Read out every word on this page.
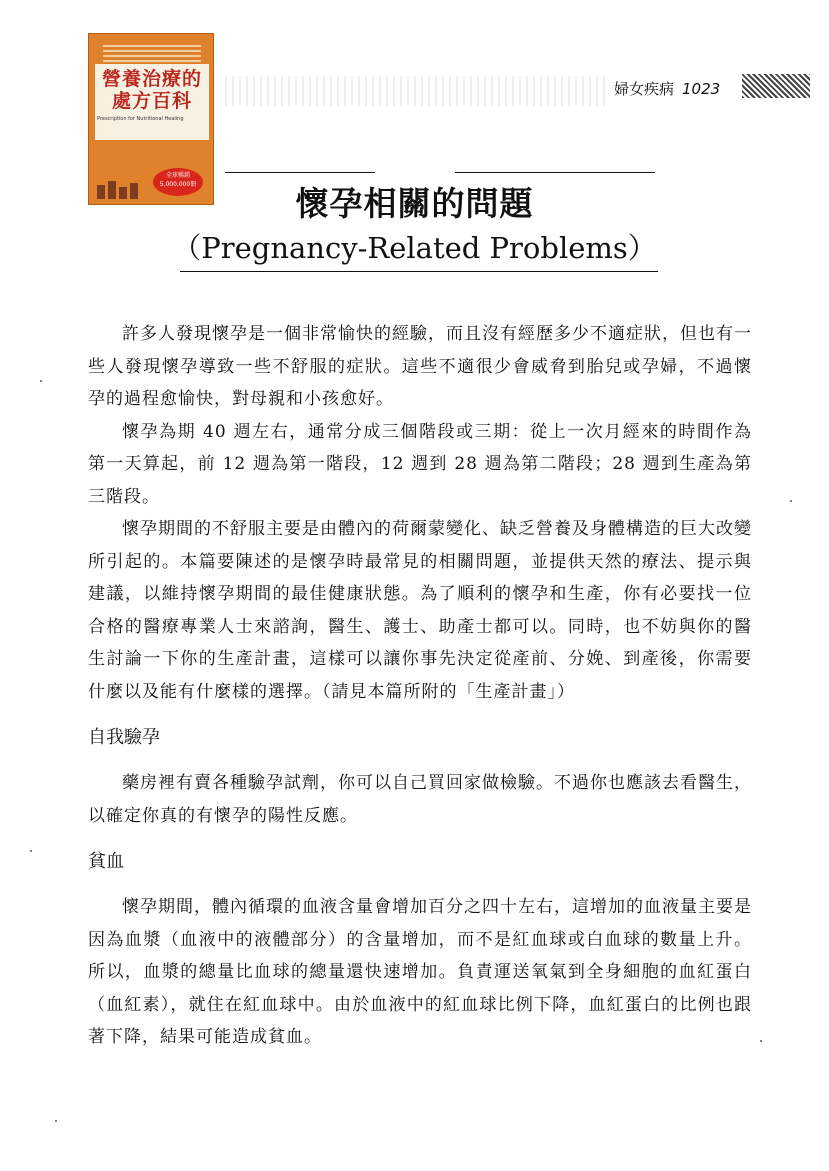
營養治療的
處方百科
Prescription for Nutritional Healing
全球暢銷 5,000,000冊
婦女疾病 1023
懷孕相關的問題
（Pregnancy-Related Problems）

許多人發現懷孕是一個非常愉快的經驗，而且沒有經歷多少不適症狀，但也有一些人發現懷孕導致一些不舒服的症狀。這些不適很少會威脅到胎兒或孕婦，不過懷孕的過程愈愉快，對母親和小孩愈好。

懷孕為期 40 週左右，通常分成三個階段或三期：從上一次月經來的時間作為第一天算起，前 12 週為第一階段，12 週到 28 週為第二階段；28 週到生產為第三階段。

懷孕期間的不舒服主要是由體內的荷爾蒙變化、缺乏營養及身體構造的巨大改變所引起的。本篇要陳述的是懷孕時最常見的相關問題，並提供天然的療法、提示與建議，以維持懷孕期間的最佳健康狀態。為了順利的懷孕和生產，你有必要找一位合格的醫療專業人士來諮詢，醫生、護士、助產士都可以。同時，也不妨與你的醫生討論一下你的生產計畫，這樣可以讓你事先決定從產前、分娩、到產後，你需要什麼以及能有什麼樣的選擇。（請見本篇所附的「生產計畫」）

自我驗孕

藥房裡有賣各種驗孕試劑，你可以自己買回家做檢驗。不過你也應該去看醫生，以確定你真的有懷孕的陽性反應。

貧血

懷孕期間，體內循環的血液含量會增加百分之四十左右，這增加的血液量主要是因為血漿（血液中的液體部分）的含量增加，而不是紅血球或白血球的數量上升。所以，血漿的總量比血球的總量還快速增加。負責運送氧氣到全身細胞的血紅蛋白（血紅素），就住在紅血球中。由於血液中的紅血球比例下降，血紅蛋白的比例也跟著下降，結果可能造成貧血。
